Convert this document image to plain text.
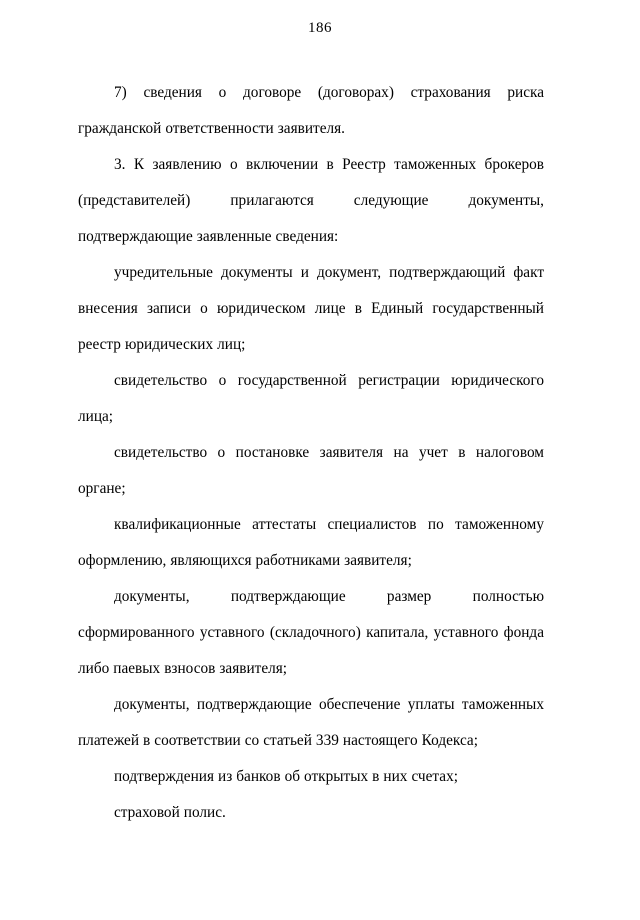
186

7) сведения о договоре (договорах) страхования риска гражданской ответственности заявителя.

3. К заявлению о включении в Реестр таможенных брокеров (представителей) прилагаются следующие документы, подтверждающие заявленные сведения:

учредительные документы и документ, подтверждающий факт внесения записи о юридическом лице в Единый государственный реестр юридических лиц;

свидетельство о государственной регистрации юридического лица;

свидетельство о постановке заявителя на учет в налоговом органе;

квалификационные аттестаты специалистов по таможенному оформлению, являющихся работниками заявителя;

документы, подтверждающие размер полностью сформированного уставного (складочного) капитала, уставного фонда либо паевых взносов заявителя;

документы, подтверждающие обеспечение уплаты таможенных платежей в соответствии со статьей 339 настоящего Кодекса;

подтверждения из банков об открытых в них счетах;

страховой полис.
